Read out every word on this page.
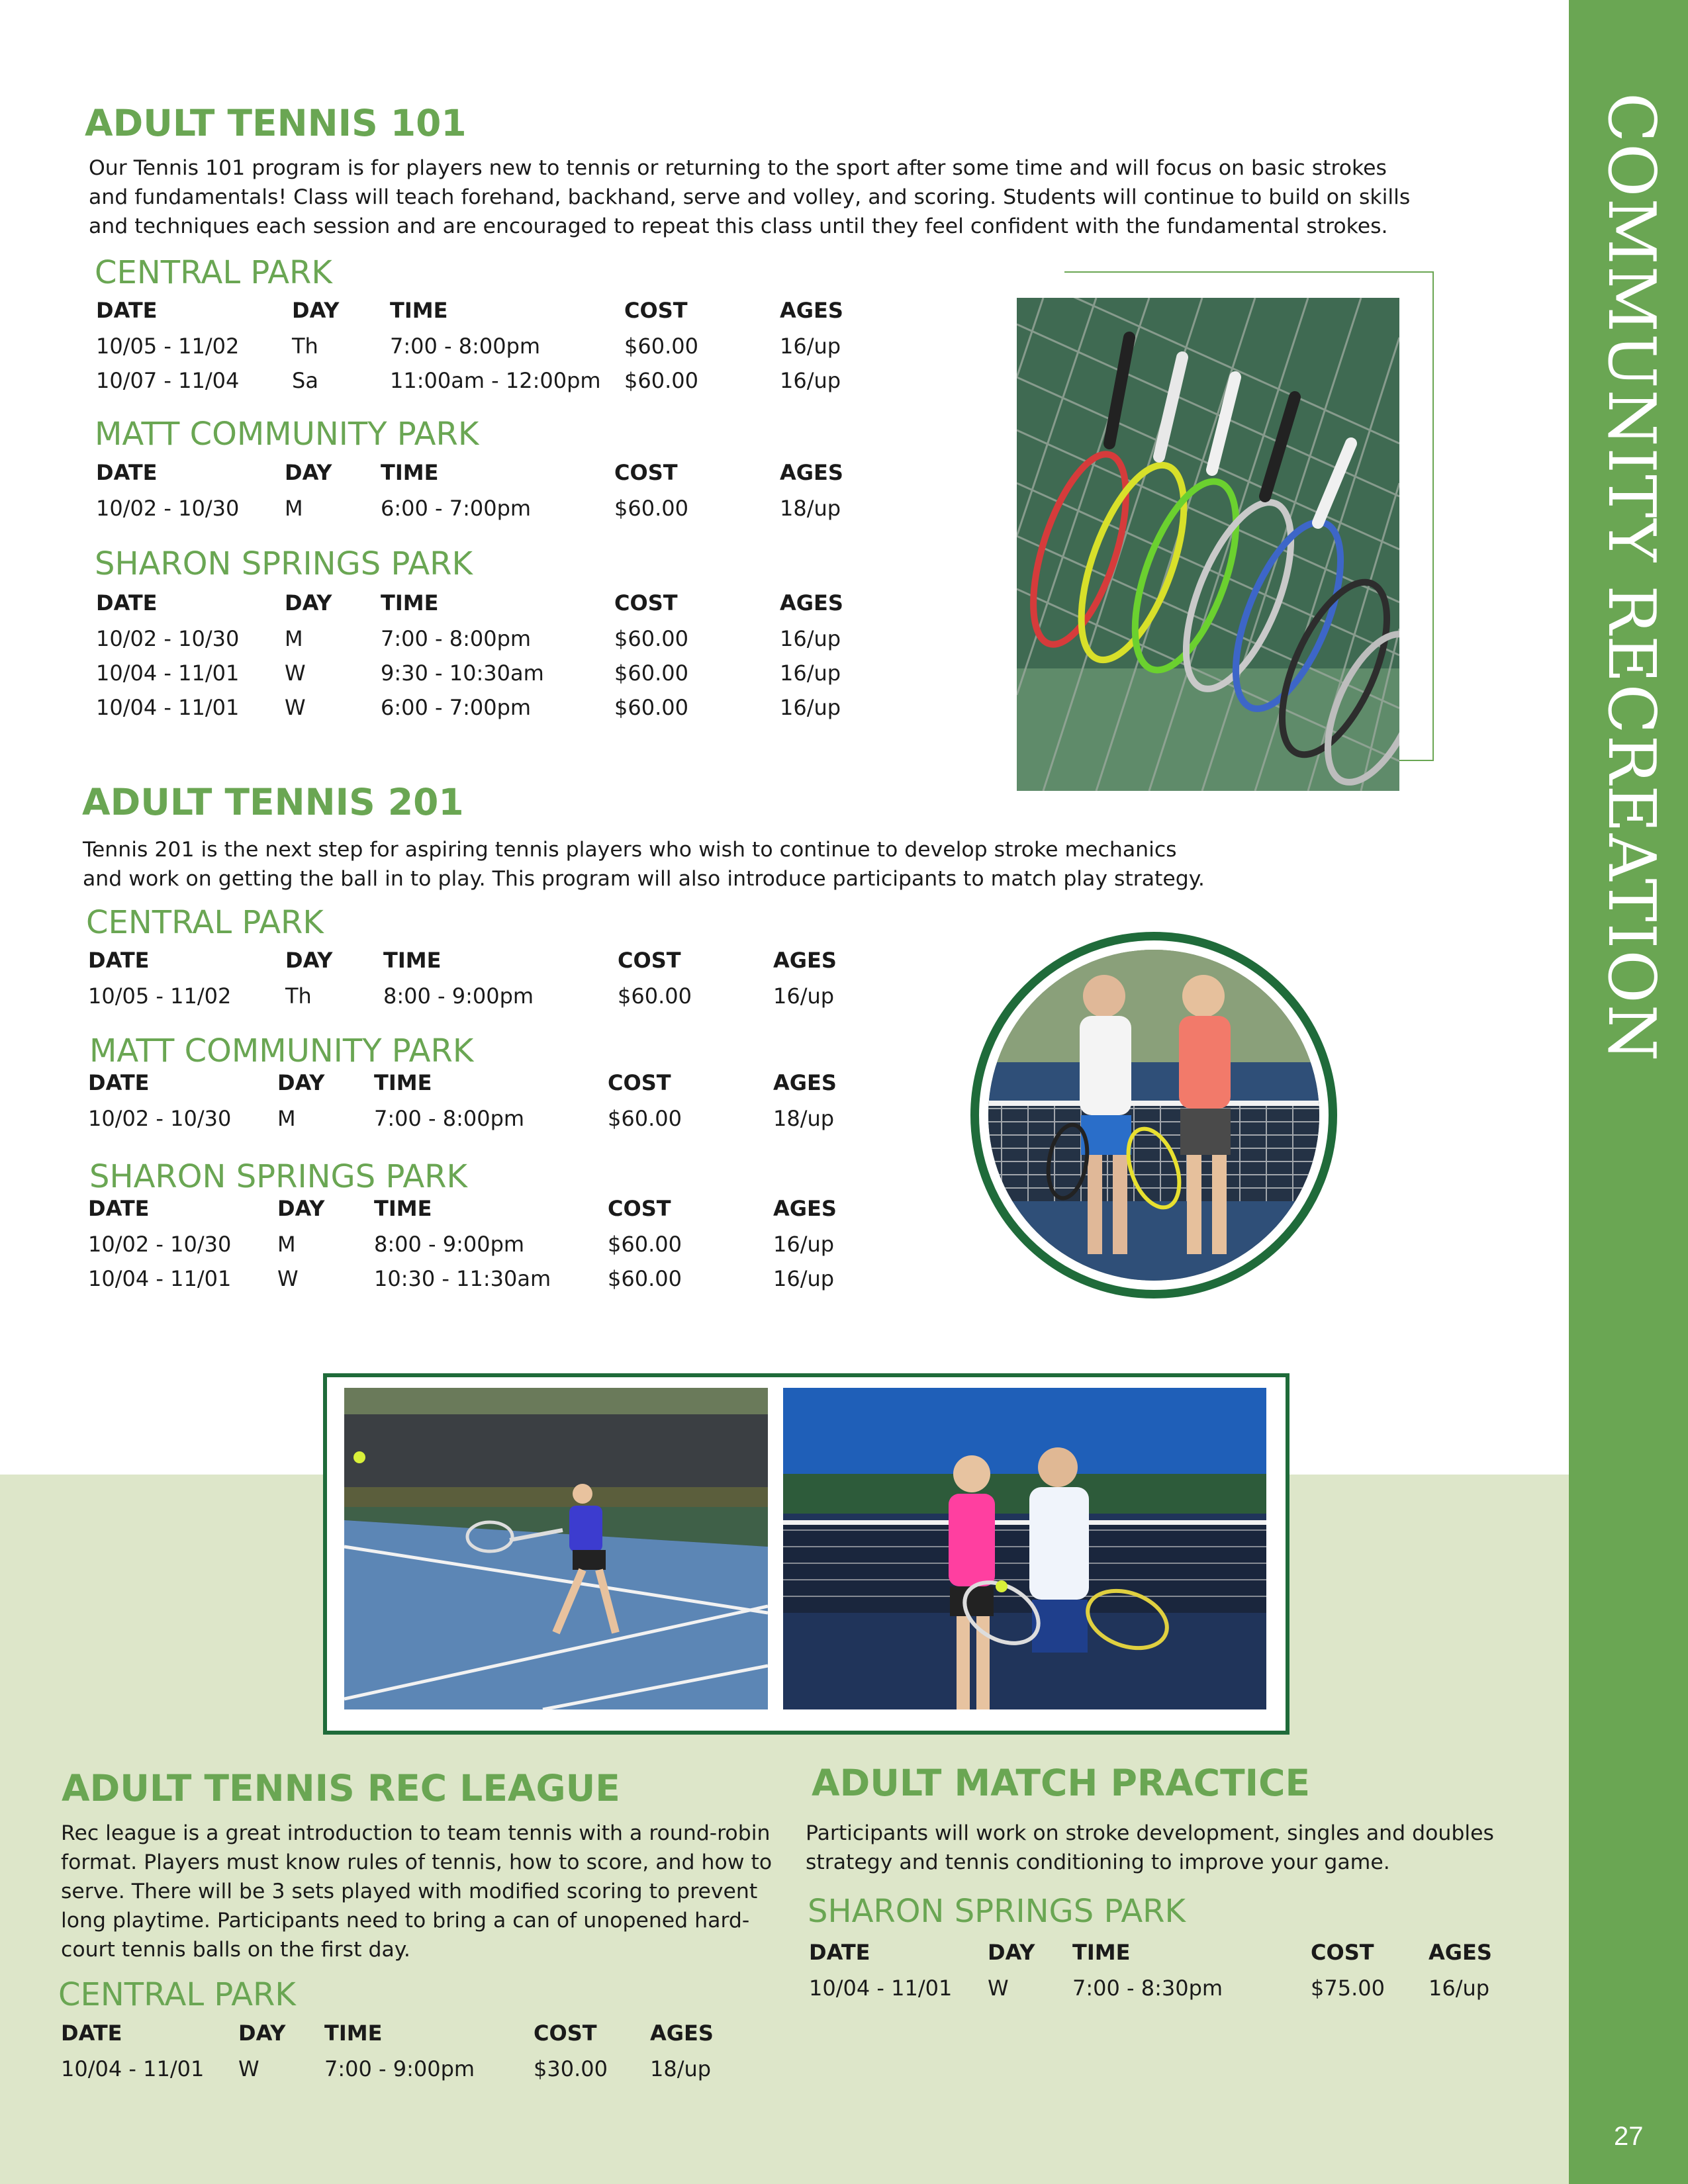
COMMUNITY RECREATION
27
ADULT TENNIS 101

Our Tennis 101 program is for players new to tennis or returning to the sport after some time and will focus on basic strokes

and fundamentals! Class will teach forehand, backhand, serve and volley, and scoring. Students will continue to build on skills

and techniques each session and are encouraged to repeat this class until they feel confident with the fundamental strokes.

CENTRAL PARK
DATE	DAY TIME	COST	AGES
10/05 - 11/02 Th	7:00 - 8:00pm	$60.00	16/up
10/07 - 11/04 Sa	11:00am - 12:00pm $60.00	16/up
MATT COMMUNITY PARK
DATE	DAY TIME	COST	AGES
10/02 - 10/30 M	6:00 - 7:00pm	$60.00	18/up
SHARON SPRINGS PARK
DATE	DAY TIME	COST	AGES
10/02 - 10/30 M	7:00 - 8:00pm	$60.00	16/up
10/04 - 11/01 W	9:30 - 10:30am	$60.00	16/up
10/04 - 11/01 W	6:00 - 7:00pm	$60.00	16/up
ADULT TENNIS 201

Tennis 201 is the next step for aspiring tennis players who wish to continue to develop stroke mechanics

and work on getting the ball in to play. This program will also introduce participants to match play strategy.

CENTRAL PARK
DATE	DAY TIME	COST	AGES
10/05 - 11/02	Th	8:00 - 9:00pm	$60.00	16/up
MATT COMMUNITY PARK
DATE	DAY TIME	COST	AGES
10/02 - 10/30 M	7:00 - 8:00pm	$60.00	18/up
SHARON SPRINGS PARK
DATE	DAY TIME	COST	AGES
10/02 - 10/30 M	8:00 - 9:00pm	$60.00	16/up
10/04 - 11/01 W	10:30 - 11:30am	$60.00	16/up
ADULT TENNIS REC LEAGUE

Rec league is a great introduction to team tennis with a round-robin

format. Players must know rules of tennis, how to score, and how to

serve. There will be 3 sets played with modified scoring to prevent

long playtime. Participants need to bring a can of unopened hard-

court tennis balls on the first day.

CENTRAL PARK
DATE	DAY TIME	COST	AGES
10/04 - 11/01 W	7:00 - 9:00pm	$30.00 18/up
ADULT MATCH PRACTICE

Participants will work on stroke development, singles and doubles

strategy and tennis conditioning to improve your game.

SHARON SPRINGS PARK
DATE	DAY TIME	COST	AGES
10/04 - 11/01 W	7:00 - 8:30pm	$75.00 16/up
